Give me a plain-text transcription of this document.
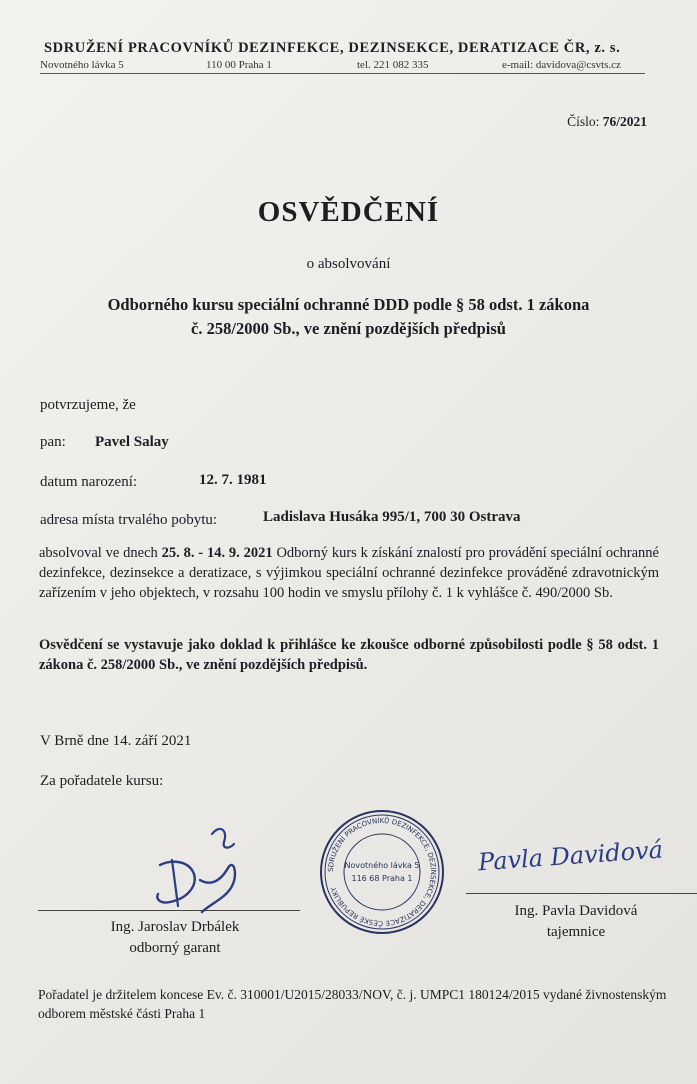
SDRUŽENÍ PRACOVNÍKŮ DEZINFEKCE, DEZINSEKCE, DERATIZACE ČR, z. s.
Novotného lávka 5	110 00 Praha 1	tel. 221 082 335	e-mail: davidova@csvts.cz
Číslo: 76/2021
OSVĚDČENÍ
o absolvování
Odborného kursu speciální ochranné DDD podle § 58 odst. 1 zákona
č. 258/2000 Sb., ve znění pozdějších předpisů
potvrzujeme, že
pan: Pavel Salay
datum narození:	12. 7. 1981
adresa místa trvalého pobytu:	Ladislava Husáka 995/1, 700 30 Ostrava
absolvoval ve dnech 25. 8. - 14. 9. 2021 Odborný kurs k získání znalostí pro provádění speciální ochranné dezinfekce, dezinsekce a deratizace, s výjimkou speciální ochranné dezinfekce prováděné zdravotnickým zařízením v jeho objektech, v rozsahu 100 hodin ve smyslu přílohy č. 1 k vyhlášce č. 490/2000 Sb.
Osvědčení se vystavuje jako doklad k přihlášce ke zkoušce odborné způsobilosti podle § 58 odst. 1 zákona č. 258/2000 Sb., ve znění pozdějších předpisů.
V Brně dne 14. září 2021
Za pořadatele kursu:
Ing. Jaroslav Drbálek
odborný garant
SDRUŽENÍ PRACOVNÍKŮ DEZINFEKCE, DEZINSEKCE, DERATIZACE ČESKÉ REPUBLIKY
Novotného lávka 5
116 68 Praha 1
Pavla Davidová
Ing. Pavla Davidová
tajemnice
Pořadatel je držitelem koncese Ev. č. 310001/U2015/28033/NOV, č. j. UMPC1 180124/2015 vydané živnostenským odborem městské části Praha 1
